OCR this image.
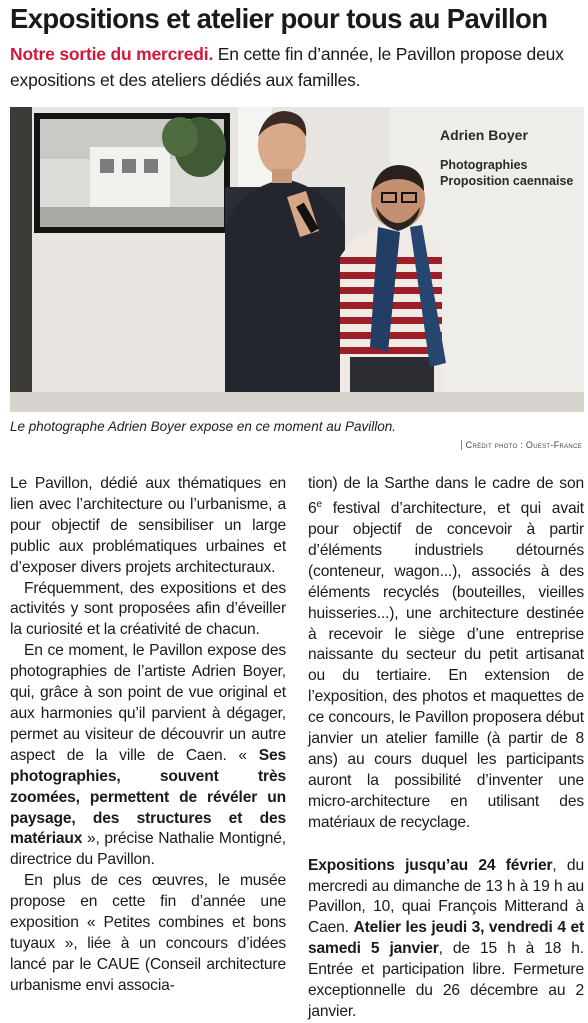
Expositions et atelier pour tous au Pavillon
Notre sortie du mercredi. En cette fin d’année, le Pavillon propose deux expositions et des ateliers dédiés aux familles.
Adrien Boyer
Photographies
Proposition caennaise
Le photographe Adrien Boyer expose en ce moment au Pavillon.
Crédit photo : Ouest-France

Le Pavillon, dédié aux thématiques en lien avec l’architecture ou l’urbanisme, a pour objectif de sensibiliser un large public aux problématiques urbaines et d’exposer divers projets architecturaux.

Fréquemment, des expositions et des activités y sont proposées afin d’éveiller la curiosité et la créativité de chacun.

En ce moment, le Pavillon expose des photographies de l’artiste Adrien Boyer, qui, grâce à son point de vue original et aux harmonies qu’il parvient à dégager, permet au visiteur de découvrir un autre aspect de la ville de Caen. « Ses photographies, souvent très zoomées, permettent de révéler un paysage, des structures et des matériaux », précise Nathalie Montigné, directrice du Pavillon.

En plus de ces œuvres, le musée propose en cette fin d’année une exposition « Petites combines et bons tuyaux », liée à un concours d’idées lancé par le CAUE (Conseil architecture urbanisme envi associa-

tion) de la Sarthe dans le cadre de son 6e festival d’architecture, et qui avait pour objectif de concevoir à partir d’éléments industriels détournés (conteneur, wagon...), associés à des éléments recyclés (bouteilles, vieilles huisseries...), une architecture destinée à recevoir le siège d’une entreprise naissante du secteur du petit artisanat ou du tertiaire. En extension de l’exposition, des photos et maquettes de ce concours, le Pavillon proposera début janvier un atelier famille (à partir de 8 ans) au cours duquel les participants auront la possibilité d’inventer une micro-architecture en utilisant des matériaux de recyclage.

Expositions jusqu’au 24 février, du mercredi au dimanche de 13 h à 19 h au Pavillon, 10, quai François Mitterand à Caen. Atelier les jeudi 3, vendredi 4 et samedi 5 janvier, de 15 h à 18 h. Entrée et participation libre. Fermeture exceptionnelle du 26 décembre au 2 janvier.
